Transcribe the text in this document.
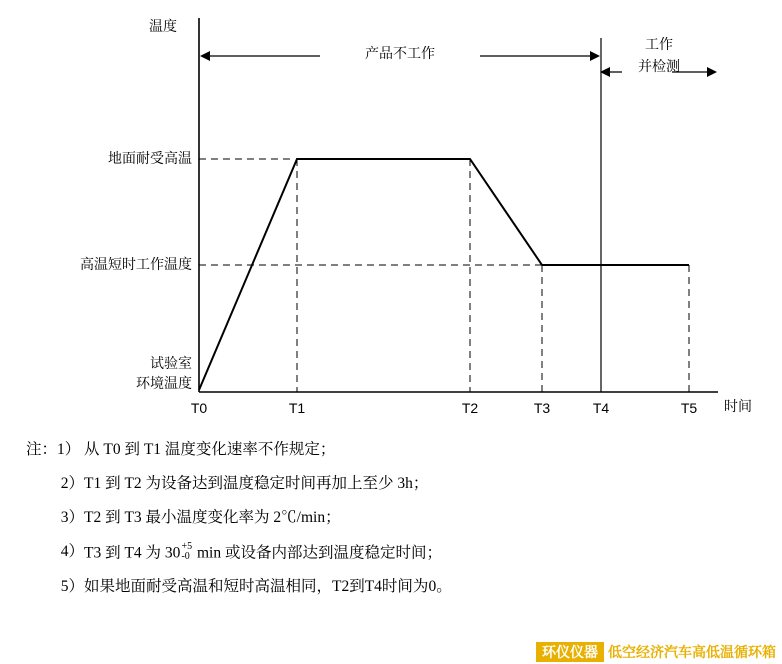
温度
时间
地面耐受高温
高温短时工作温度
试验室
环境温度
T0	T1	T2	T3	T4	T5
产品不工作
工作
并检测
注：1） 从 T0 到 T1 温度变化速率不作规定；
2） T1 到 T2 为设备达到温度稳定时间再加上至少 3h；
3） T2 到 T3 最小温度变化率为 2℃/min；
4） T3 到 T4 为 30 +5
-0 min 或设备内部达到温度稳定时间；
5） 如果地面耐受高温和短时高温相同，T2到T4时间为0。
环仪仪器 低空经济汽车高低温循环箱
